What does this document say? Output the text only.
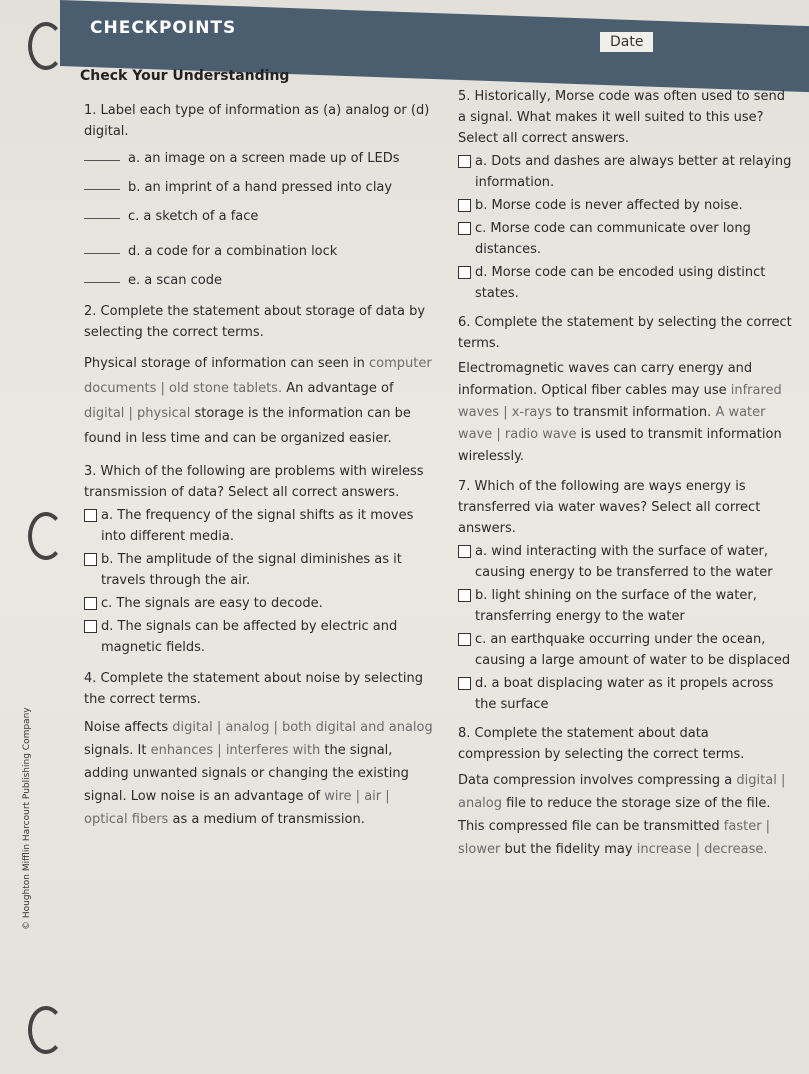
CHECKPOINTS
Date
Check Your Understanding
1. Label each type of information as (a) analog or (d) digital.
a. an image on a screen made up of LEDs
b. an imprint of a hand pressed into clay
c. a sketch of a face
d. a code for a combination lock
e. a scan code
2. Complete the statement about storage of data by selecting the correct terms.
Physical storage of information can seen in computer documents | old stone tablets. An advantage of digital | physical storage is the information can be found in less time and can be organized easier.
3. Which of the following are problems with wireless transmission of data? Select all correct answers.
a. The frequency of the signal shifts as it moves into different media.
b. The amplitude of the signal diminishes as it travels through the air.
c. The signals are easy to decode.
d. The signals can be affected by electric and magnetic fields.
4. Complete the statement about noise by selecting the correct terms.
Noise affects digital | analog | both digital and analog signals. It enhances | interferes with the signal, adding unwanted signals or changing the existing signal. Low noise is an advantage of wire | air | optical fibers as a medium of transmission.
5. Historically, Morse code was often used to send a signal. What makes it well suited to this use? Select all correct answers.
a. Dots and dashes are always better at relaying information.
b. Morse code is never affected by noise.
c. Morse code can communicate over long distances.
d. Morse code can be encoded using distinct states.
6. Complete the statement by selecting the correct terms.
Electromagnetic waves can carry energy and information. Optical fiber cables may use infrared waves | x-rays to transmit information. A water wave | radio wave is used to transmit information wirelessly.
7. Which of the following are ways energy is transferred via water waves? Select all correct answers.
a. wind interacting with the surface of water, causing energy to be transferred to the water
b. light shining on the surface of the water, transferring energy to the water
c. an earthquake occurring under the ocean, causing a large amount of water to be displaced
d. a boat displacing water as it propels across the surface
8. Complete the statement about data compression by selecting the correct terms.
Data compression involves compressing a digital | analog file to reduce the storage size of the file. This compressed file can be transmitted faster | slower but the fidelity may increase | decrease.
© Houghton Mifflin Harcourt Publishing Company
